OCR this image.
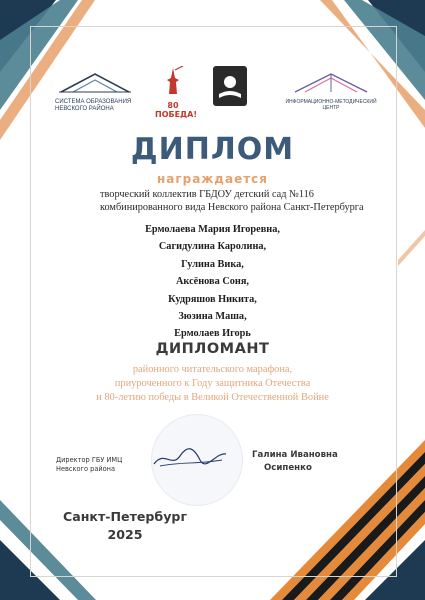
СИСТЕМА ОБРАЗОВАНИЯ НЕВСКОГО РАЙОНА	80 ПОБЕДА!
ИНФОРМАЦИОННО-МЕТОДИЧЕСКИЙ ЦЕНТР
ДИПЛОМ
награждается
творческий коллектив ГБДОУ детский сад №116 комбинированного вида Невского района Санкт-Петербурга
Ермолаева Мария Игоревна,
Сагидулина Каролина,
Гулина Вика,
Аксёнова Соня,
Кудряшов Никита,
Зюзина Маша,
Ермолаев Игорь
ДИПЛОМАНТ
районного читательского марафона,
приуроченного к Году защитника Отечества
и 80-летию победы в Великой Отечественной Войне
Директор ГБУ ИМЦ
Невского района
Галина Ивановна
Осипенко
Санкт-Петербург
2025
